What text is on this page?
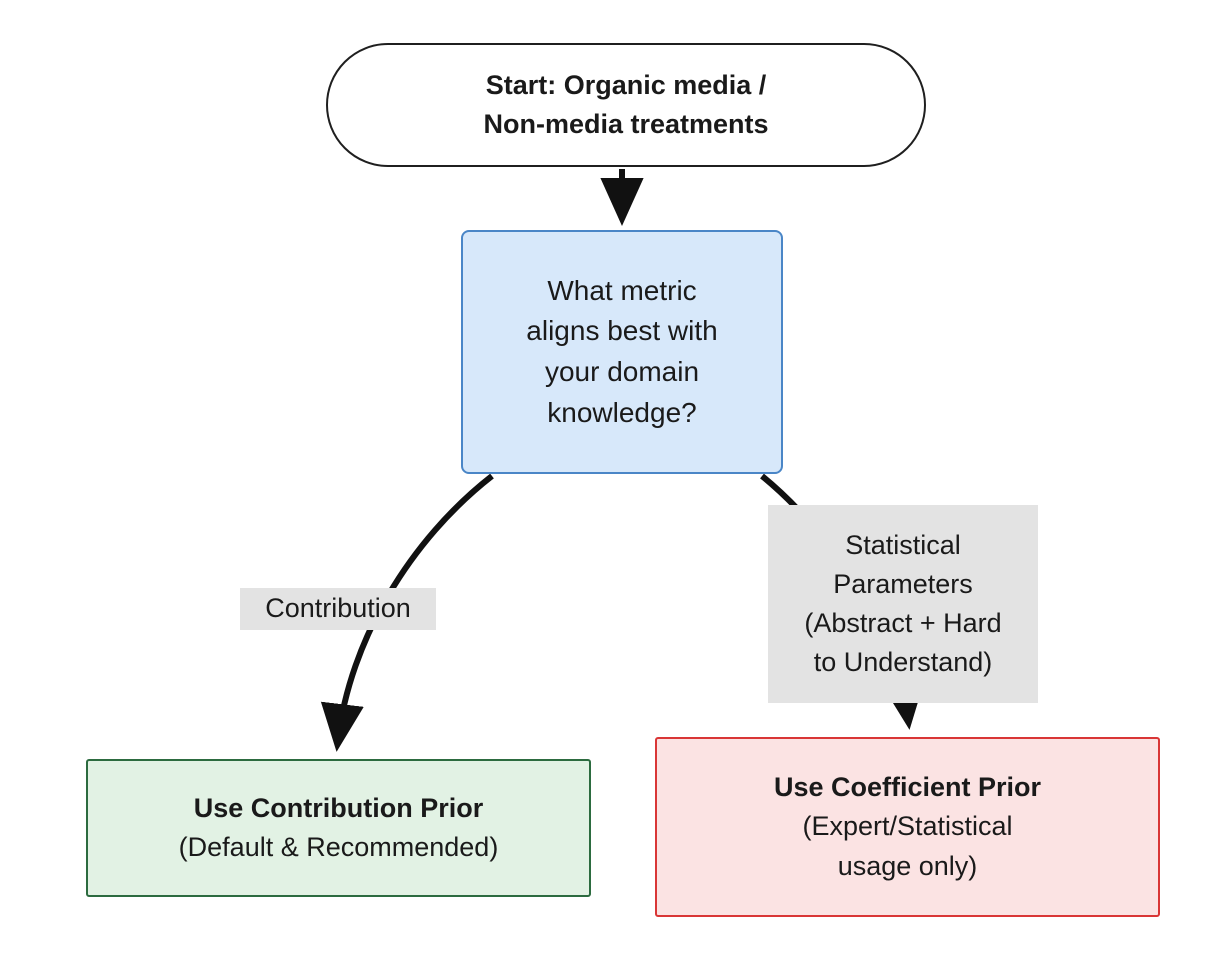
Start: Organic media /
Non-media treatments
What metric
aligns best with
your domain
knowledge?
Contribution
Statistical
Parameters
(Abstract + Hard
to Understand)
Use Contribution Prior
(Default & Recommended)
Use Coefficient Prior
(Expert/Statistical
usage only)
